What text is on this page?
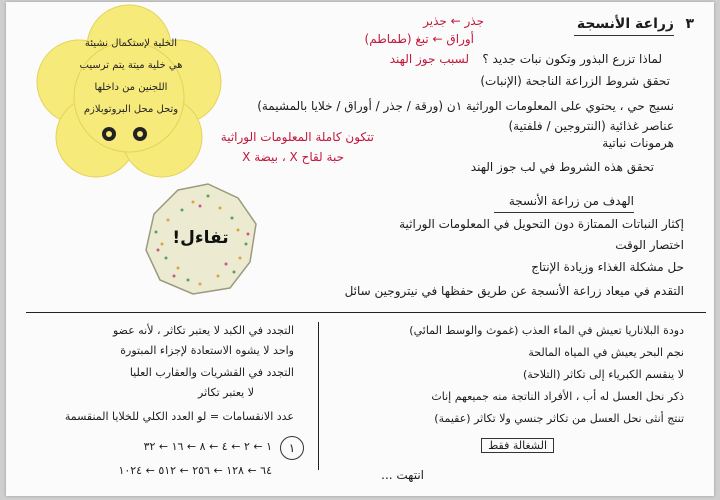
٣
زراعة الأنسجة
جذر ← جذير
أوراق ← تبغ (طماطم)
لسبب جوز الهند لماذا تزرع البذور وتكون نبات جديد ؟
تحقق شروط الزراعة الناجحة (الإنبات)
نسيج حي ، يحتوي على المعلومات الوراثية ١ن (ورقة / جذر / أوراق / خلايا بالمشيمة)
عناصر غذائية (النتروجين / فلفتية)
هرمونات نباتية
تتكون كاملة المعلومات الوراثية
حبة لقاح X ، بيضة X
تحقق هذه الشروط في لب جوز الهند
الهدف من زراعة الأنسجة
إكثار النباتات الممتازة دون التحويل في المعلومات الوراثية
اختصار الوقت
حل مشكلة الغذاء وزيادة الإنتاج
التقدم في ميعاد زراعة الأنسجة عن طريق حفظها في نيتروجين سائل
الخلية لإستكمال نشيئة
هي خلية ميتة يتم ترسيب
اللجنين من داخلها
وتحل محل البروتوبلازم
تفاءل!
دودة البلاناريا تعيش في الماء العذب (غموث والوسط المائي)
نجم البحر يعيش في المياه المالحة
لا ينقسم الكبرياء إلى تكاثر (التلاحة)
ذكر نحل العسل له أب ، الأفراد الناتجة منه جميعهم إناث
تنتج أنثى نحل العسل من تكاثر جنسي ولا تكاثر (عقيمة)
الشغالة فقط
التجدد في الكبد لا يعتبر تكاثر ، لأنه عضو
واحد لا يشوه الاستعادة لإجزاء المبتورة
التجدد في القشريات والعقارب العليا
لا يعتبر تكاثر
عدد الانقسامات = لو العدد الكلي للخلايا المنقسمة
١
١ ← ٢ ← ٤ ← ٨ ← ١٦ ← ٣٢
٦٤ ← ١٢٨ ← ٢٥٦ ← ٥١٢ ← ١٠٢٤	انتهت ...
